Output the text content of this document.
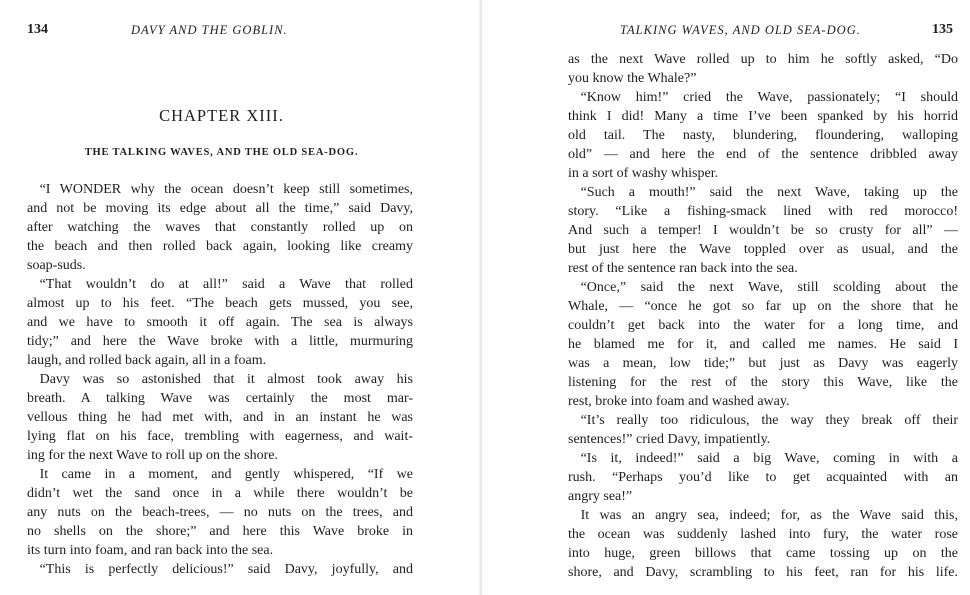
134	DAVY AND THE GOBLIN.
CHAPTER XIII.
THE TALKING WAVES, AND THE OLD SEA-DOG.
“I WONDER why the ocean doesn’t keep still sometimes,
and not be moving its edge about all the time,” said Davy,
after watching the waves that constantly rolled up on
the beach and then rolled back again, looking like creamy
soap-suds.
“That wouldn’t do at all!” said a Wave that rolled
almost up to his feet. “The beach gets mussed, you see,
and we have to smooth it off again. The sea is always
tidy;” and here the Wave broke with a little, murmuring
laugh, and rolled back again, all in a foam.
Davy was so astonished that it almost took away his
breath. A talking Wave was certainly the most mar-
vellous thing he had met with, and in an instant he was
lying flat on his face, trembling with eagerness, and wait-
ing for the next Wave to roll up on the shore.
It came in a moment, and gently whispered, “If we
didn’t wet the sand once in a while there wouldn’t be
any nuts on the beach-trees, — no nuts on the trees, and
no shells on the shore;” and here this Wave broke in
its turn into foam, and ran back into the sea.
“This is perfectly delicious!” said Davy, joyfully, and
TALKING WAVES, AND OLD SEA-DOG.	135
as the next Wave rolled up to him he softly asked, “Do
you know the Whale?”
“Know him!” cried the Wave, passionately; “I should
think I did! Many a time I’ve been spanked by his horrid
old tail. The nasty, blundering, floundering, walloping
old” — and here the end of the sentence dribbled away
in a sort of washy whisper.
“Such a mouth!” said the next Wave, taking up the
story. “Like a fishing-smack lined with red morocco!
And such a temper! I wouldn’t be so crusty for all” —
but just here the Wave toppled over as usual, and the
rest of the sentence ran back into the sea.
“Once,” said the next Wave, still scolding about the
Whale, — “once he got so far up on the shore that he
couldn’t get back into the water for a long time, and
he blamed me for it, and called me names. He said I
was a mean, low tide;” but just as Davy was eagerly
listening for the rest of the story this Wave, like the
rest, broke into foam and washed away.
“It’s really too ridiculous, the way they break off their
sentences!” cried Davy, impatiently.
“Is it, indeed!” said a big Wave, coming in with a
rush. “Perhaps you’d like to get acquainted with an
angry sea!”
It was an angry sea, indeed; for, as the Wave said this,
the ocean was suddenly lashed into fury, the water rose
into huge, green billows that came tossing up on the
shore, and Davy, scrambling to his feet, ran for his life.
